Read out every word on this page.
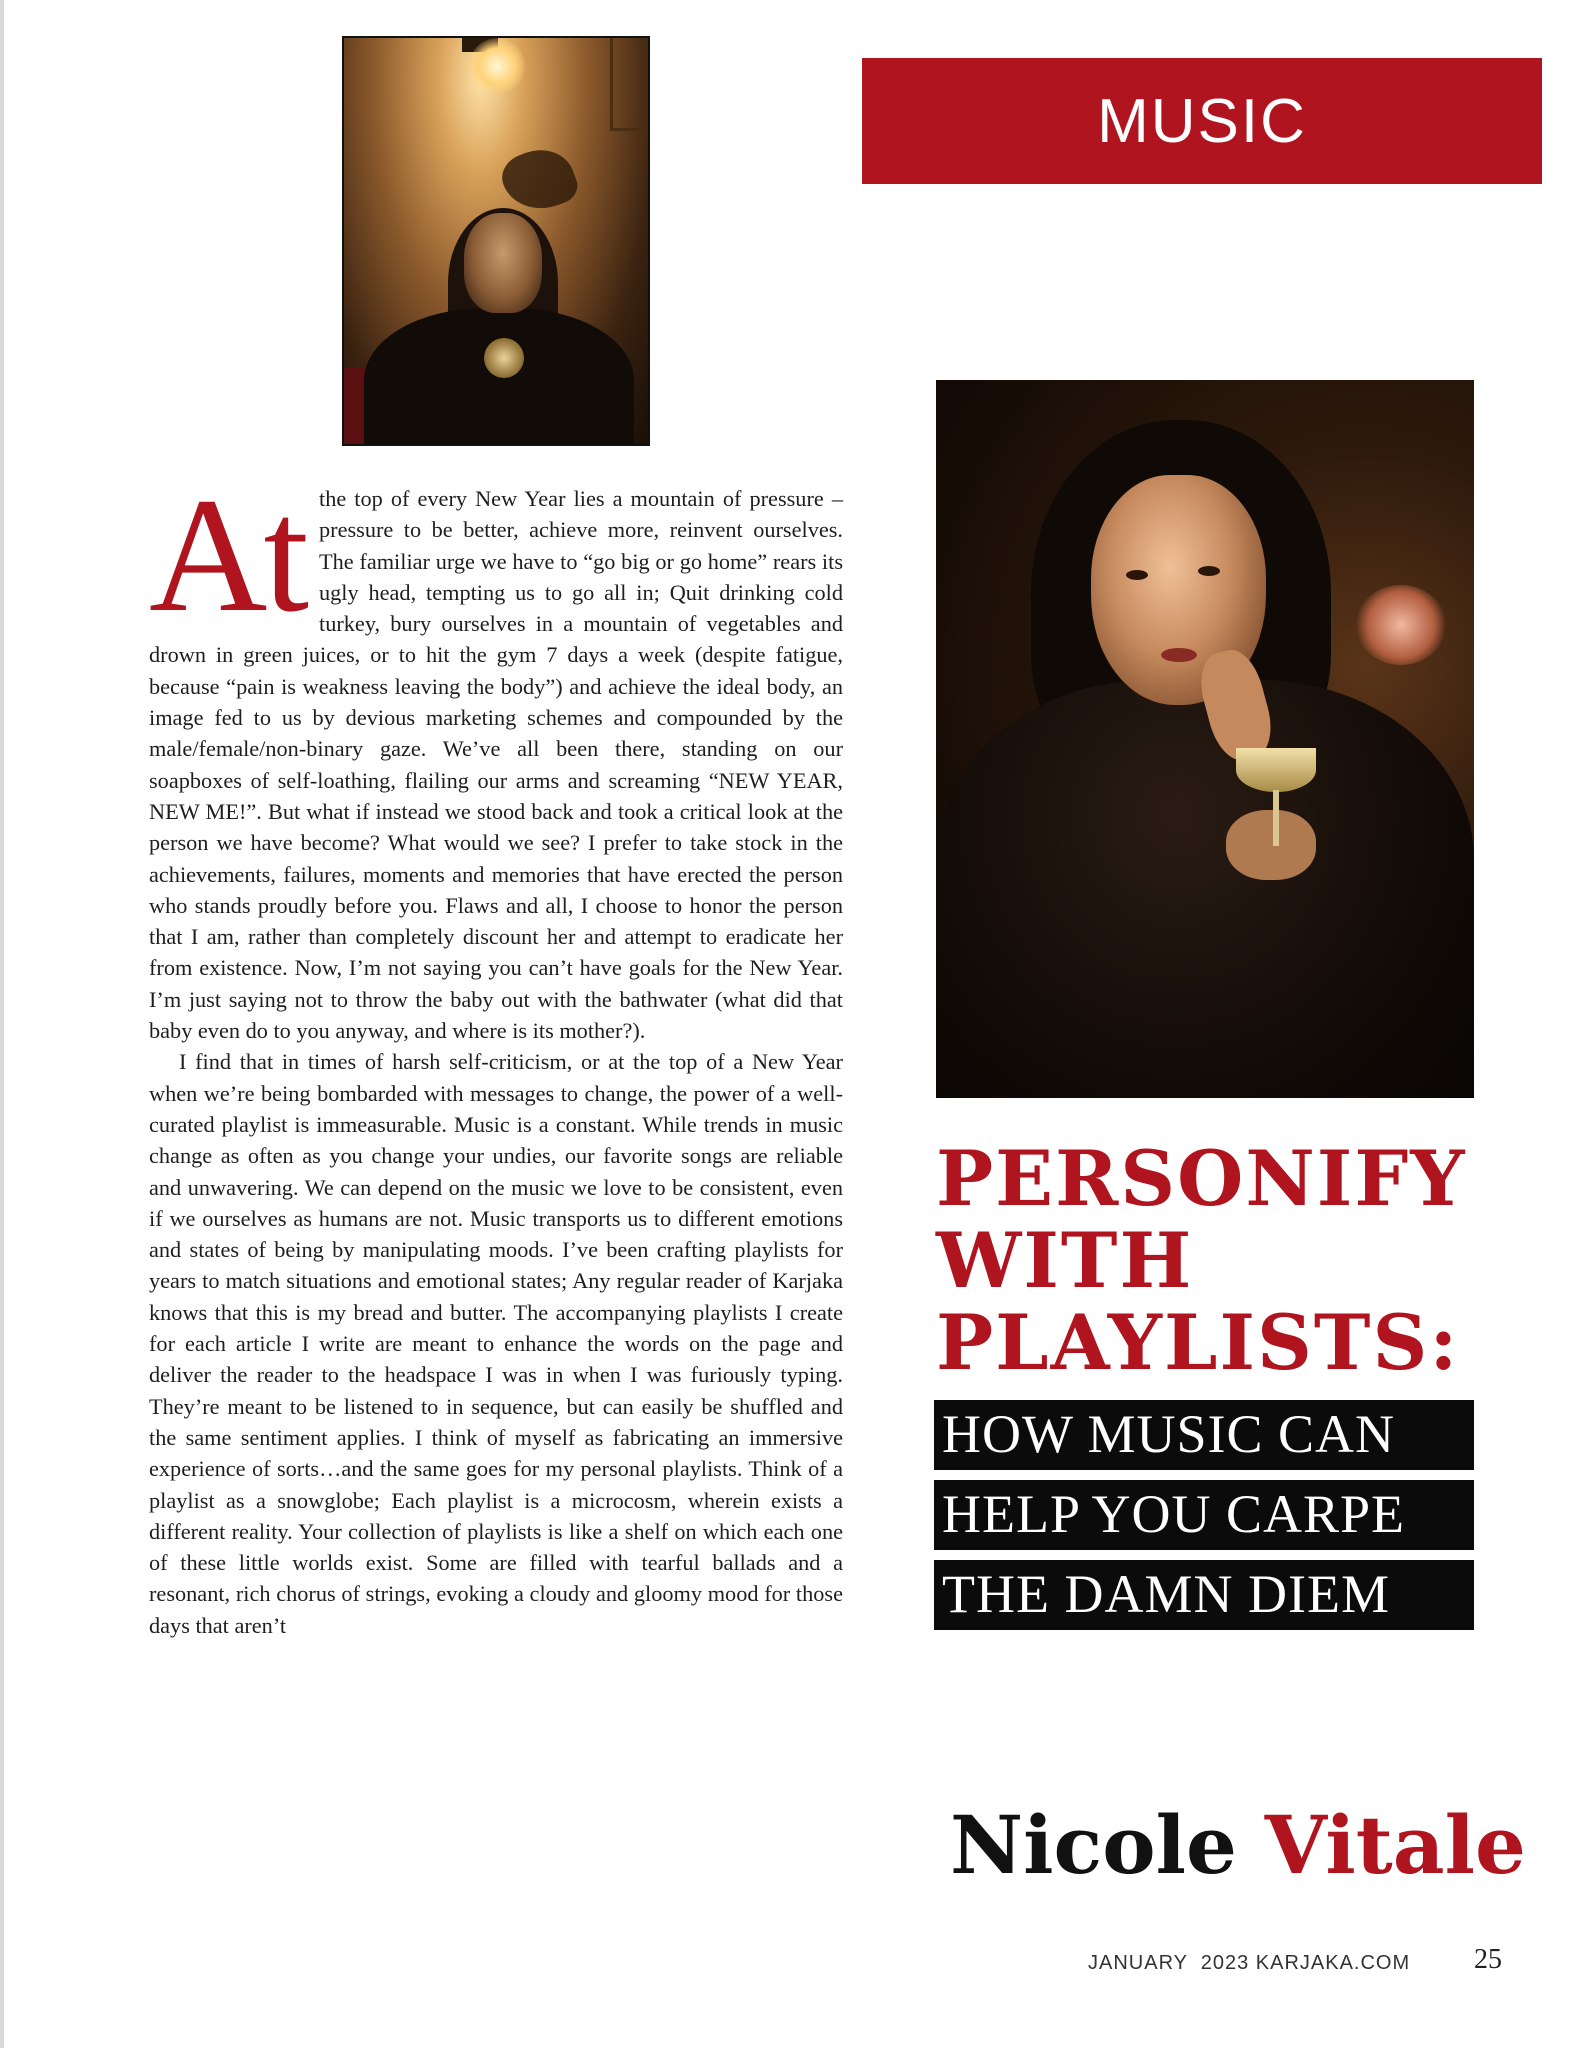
MUSIC

At the top of every New Year lies a mountain of pressure – pressure to be better, achieve more, reinvent ourselves. The familiar urge we have to “go big or go home” rears its ugly head, tempting us to go all in; Quit drinking cold turkey, bury ourselves in a mountain of vegetables and drown in green juices, or to hit the gym 7 days a week (despite fatigue, because “pain is weakness leaving the body”) and achieve the ideal body, an image fed to us by devious marketing schemes and compounded by the male/female/non-binary gaze. We’ve all been there, standing on our soapboxes of self-loathing, flailing our arms and screaming “NEW YEAR, NEW ME!”. But what if instead we stood back and took a critical look at the person we have become? What would we see? I prefer to take stock in the achievements, failures, moments and memories that have erected the person who stands proudly before you. Flaws and all, I choose to honor the person that I am, rather than completely discount her and attempt to eradicate her from existence. Now, I’m not saying you can’t have goals for the New Year. I’m just saying not to throw the baby out with the bathwater (what did that baby even do to you anyway, and where is its mother?).

I find that in times of harsh self-criticism, or at the top of a New Year when we’re being bombarded with messages to change, the power of a well-curated playlist is immeasurable. Music is a constant. While trends in music change as often as you change your undies, our favorite songs are reliable and unwavering. We can depend on the music we love to be consistent, even if we ourselves as humans are not. Music transports us to different emotions and states of being by manipulating moods. I’ve been crafting playlists for years to match situations and emotional states; Any regular reader of Karjaka knows that this is my bread and butter. The accompanying playlists I create for each article I write are meant to enhance the words on the page and deliver the reader to the headspace I was in when I was furiously typing. They’re meant to be listened to in sequence, but can easily be shuffled and the same sentiment applies. I think of myself as fabricating an immersive experience of sorts…and the same goes for my personal playlists. Think of a playlist as a snowglobe; Each playlist is a microcosm, wherein exists a different reality. Your collection of playlists is like a shelf on which each one of these little worlds exist. Some are filled with tearful ballads and a resonant, rich chorus of strings, evoking a cloudy and gloomy mood for those days that aren’t

PERSONIFY
WITH
PLAYLISTS:
HOW MUSIC CAN
HELP YOU CARPE
THE DAMN DIEM
Nicole Vitale
JANUARY  2023 KARJAKA.COM 25
